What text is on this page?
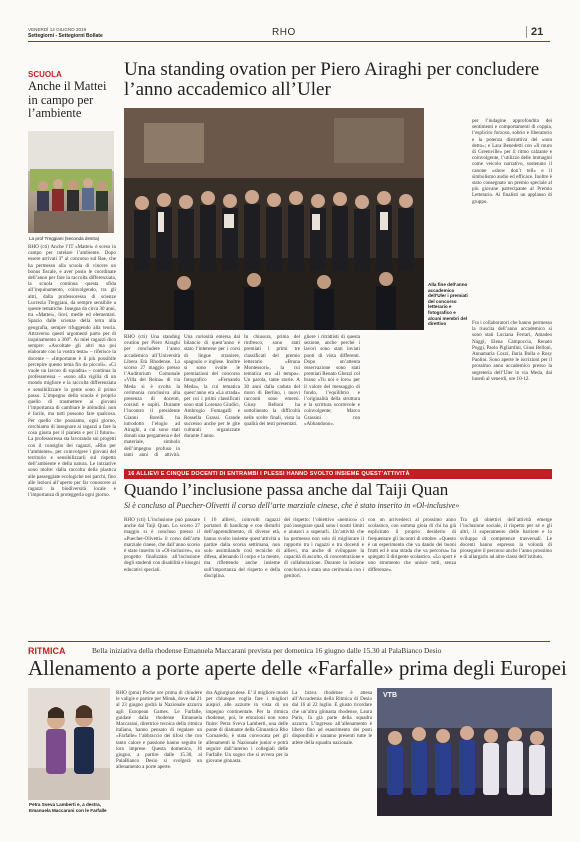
VENERDÌ 14 GIUGNO 2019
Settegiorni - Settegiorni Bollate	RHO	21
SCUOLA
Anche il Mattei in campo per l’ambiente
La prof Treggiani (seconda destra)
RHO (cti) Anche l’IT «Mattei» è sceso in campo per tutelare l’ambiente. Dopo essere arrivati 3° al concorso sul Rae, che ha permesso alla scuola di vincere un bonus fiscale, e aver posto le coordinate dell’anno per fare la raccolta differenziata, la scuola continua questa sfida all’inquinamento, coinvolgendo, tra gli altri, dalla professoressa di scienze Lucrezia Treggiani, da sempre sensibile a queste tematiche. Insegna da circa 30 anni, tra «Mattei», licei, medie ed elementari. Spazio dalle scienze della terra alla geografia, sempre rifuggendo alla teoria. Attraverso questi argomenti parto per di inquinamento a 360°. Ai miei ragazzi dico sempre: «Ascoltate gli altri ma poi elaborate con la vostra testa» – riferisce la docente – «Importante è il più possibile percepire questo tema fin da piccoli». «Ci vuole un lavoro di squadra» – continua la professoressa – «sono alla vigilia di un mondo migliore e la raccolta differenziata e sensibilizzare la gente sono il primo passo. L’impegno della scuola è proprio quello di trasmettere ai giovani l’importanza di cambiare le abitudini: non è facile, ma tutti possono fare qualcosa. Per quello che possiamo, ogni giorno, cerchiamo di insegnare ai ragazzi a fare la cosa giusta per il pianeta e per il futuro». La professoressa sta lavorando sui progetti con il consiglio dei ragazzi, «Rho per l’ambiente», per coinvolgere i giovani del territorio e sensibilizzarli sul rispetto dell’ambiente e della natura. Le iniziative sono molte: dalla raccolta della plastica alle passeggiate ecologiche nei parchi, fino alle lezioni all’aperto per far conoscere ai ragazzi la biodiversità locale e l’importanza di proteggerla ogni giorno.
Una standing ovation per Piero Airaghi per concludere l’anno accademico all’Uler
Alla fine dell’anno accademico dell’Uler i premiati del concorso letterario e fotografico e alcuni membri del direttivo
RHO (cti) Una standing ovation per Piero Airaghi per concludere l’anno accademico all’Università Libera Età Rhodense. Lo scorso 27 maggio presso l’Auditorium Comunale «Villa dei Reina» di via Meda si è svolta la cerimonia conclusiva alla presenza di docenti, corsisti e ospiti. Durante l’incontro il presidente Gianni Borelli ha introdotto l’elogio ad Airaghi, a cui sono stati donati una pergamena e del materiale, simbolo dell’impegno profuso in tanti anni di attività.
Una curiosità emersa dal bilancio di quest’anno è stato l’interesse per i corsi di lingue straniere, spagnolo e inglese. Inoltre si sono svolte le premiazioni del concorso fotografico «Fernando Meda», la cui tematica quest’anno era «La strada» per cui i primi classificati sono stati Lorenzo Giudici, Ambrogio Fumagalli e Rossella Grassi. Grande successo anche per le gite culturali organizzate durante l’anno.
In chiusura, prima del rinfresco, sono stati premiati i primi tre classificati del premio letterario «Bruna Montessori», la cui tematica era «Il tempo». Un parola, tante storie. A 30 anni dalla caduta del muro di Berlino, i nuovi racconti sono emersi. Giusy Belloni ha sottolineato la difficoltà nelle scelte finali, vista la qualità dei testi presentati.
gliere i ritrattisti di questa sezione, anche perché i lavori sono stati inviati punti di vista differenti. Dopo un’attenta osservazione sono stati premiati Renato Ghezzi col brano «Tu noi e loro» per il valore del messaggio di fondo, l’equilibrio e l’originalità della struttura e la scrittura scorrevole e coinvolgente; Marco Grassini con «Abbandono».
per l’indagine approfondita dei sentimenti e comportamenti di coppia, l’esplicito forzoso, sobrio e liberatorio e la potenza distruttiva del «non detto»; e Lara Benedetti con «Il muro di Greenville» per il ritmo calzante e coinvolgente, l’utilizzo delle immagini come veicolo narrativo, sostenuto il canone «show don’t tell» e il simbolismo audio ed efficace. Inoltre è stato consegnato un premio speciale al più giovane partecipante al Premio Letterario. Ai finalisti un applauso di gruppo.
Fra i collaboratori che hanno permesso la riuscita dell’anno accademico si sono stati Luciana Ferrari, Amadeo Naggi, Elena Campoccia, Renato Poggi, Paolo Pigliardini, Giusi Belloni, Annamaria Cozzi, Ilaria Bulla e Rosy Paolini. Sono aperte le iscrizioni per il prossimo anno accademico presso la segreteria dell’Uler in via Meda, dal lunedì al venerdì, ore 10-12.
16 ALLIEVI E CINQUE DOCENTI DI ENTRAMBI I PLESSI HANNO SVOLTO INSIEME QUEST’ATTIVITÀ
Quando l’inclusione passa anche dal Taiji Quan
Si è concluso al Puecher-Olivetti il corso dell’arte marziale cinese, che è stato inserito in «Ol-inclusive»
RHO (cti) L’inclusione può passare anche dal Taiji Quan. Lo scorso 27 maggio si è concluso presso il «Puecher-Olivetti» il corso dell’arte marziale cinese, che dall’anno scorso è stato inserito in «Ol-inclusive», un progetto finalizzato all’inclusione degli studenti con disabilità e bisogni educativi speciali.
I 16 allievi, coinvolti ragazzi portatori di handicap e con disturbi dell’apprendimento, di diverse età, hanno svolto insieme quest’attività a partire dalla scorsa settimana, non solo assimilando così tecniche di difesa, allenando il corpo e la mente, ma riflettendo anche insieme sull’importanza del rispetto e della disciplina.
del rispetto: l’obiettivo «nemico» ci può insegnare quali sono i nostri limiti e aiutarci a superarli. Un’attività che ha permesso non solo di migliorare il rapporto tra i ragazzi e tra docenti e allievi, ma anche di sviluppare la capacità di ascolto, di concentrazione e di collaborazione. Durante la lezione conclusiva è stata una cerimonia con i genitori.
con un arrivederci al prossimo anno scolastico, con somma gioia di chi ha già esplicitato il proprio desiderio di frequentare gli incontri di ottobre. «Questo è un esperimento che va dando dei buoni frutti ed è una strada che va percorsa» ha spiegato il dirigente scolastico. «Lo sport è uno strumento che unisce tutti, senza differenze».
Tra gli obiettivi dell’attività emerge l’inclusione sociale, il rispetto per sé e gli altri, il superamento delle barriere e lo sviluppo di competenze trasversali. Le docenti hanno espresso la volontà di proseguire il percorso anche l’anno prossimo e di allargarlo ad altre classi dell’istituto.
RITMICA	Bella iniziativa della rhodense Emanuela Maccarani prevista per domenica 16 giugno dalle 15.30 al PalaBianco Desio
Allenamento a porte aperte delle «Farfalle» prima degli Europei
Petra Sveva Lamberti e, a destra, Emanuela Maccarani con le Farfalle
RHO (pmu) Poche ore prima di chiudere le valigie e partire per Minsk, dove dal 21 al 23 giugno godrà la Nazionale azzurra agli European Games. Le Farfalle, guidate dalla rhodense Emanuela Maccarani, direttrice tecnica della ritmica italiana, hanno pensato di regalare un «Farfalle» l’abbraccio dei tifosi che con tanto calore e passione hanno seguito le loro imprese. Questa domenica, 16 giugno, a partire dalle 15.30, al PalaBianco Desio si svolgerà un allenamento a porte aperte.
dra Agiurgiuculese. E’ il migliore modo per chiunque voglia fare i migliori auspici alle azzurre in vista di un impegno continentale. Per la ritmica rhodense, poi, le emozioni non sono finite: Petra Sveva Lamberti, una delle punte di diamante della Ginnastica Rho Cornaredo, è stata convocata per gli allenamenti in Nazionale junior e potrà seguire dall’interno i collegiali delle Farfalle. Un sogno che si avvera per la giovane ginnasta.
La brava rhodense è attesa all’Accademia della Ritmica di Desio dal 16 al 22 luglio. E giusto ricordare che un’altra ginnasta rhodense, Laura Paris, fa già parte della squadra azzurra. L’ingresso all’allenamento è libero fino ad esaurimento dei posti disponibili e saranno presenti tutte le atlete della squadra nazionale.
VTB
